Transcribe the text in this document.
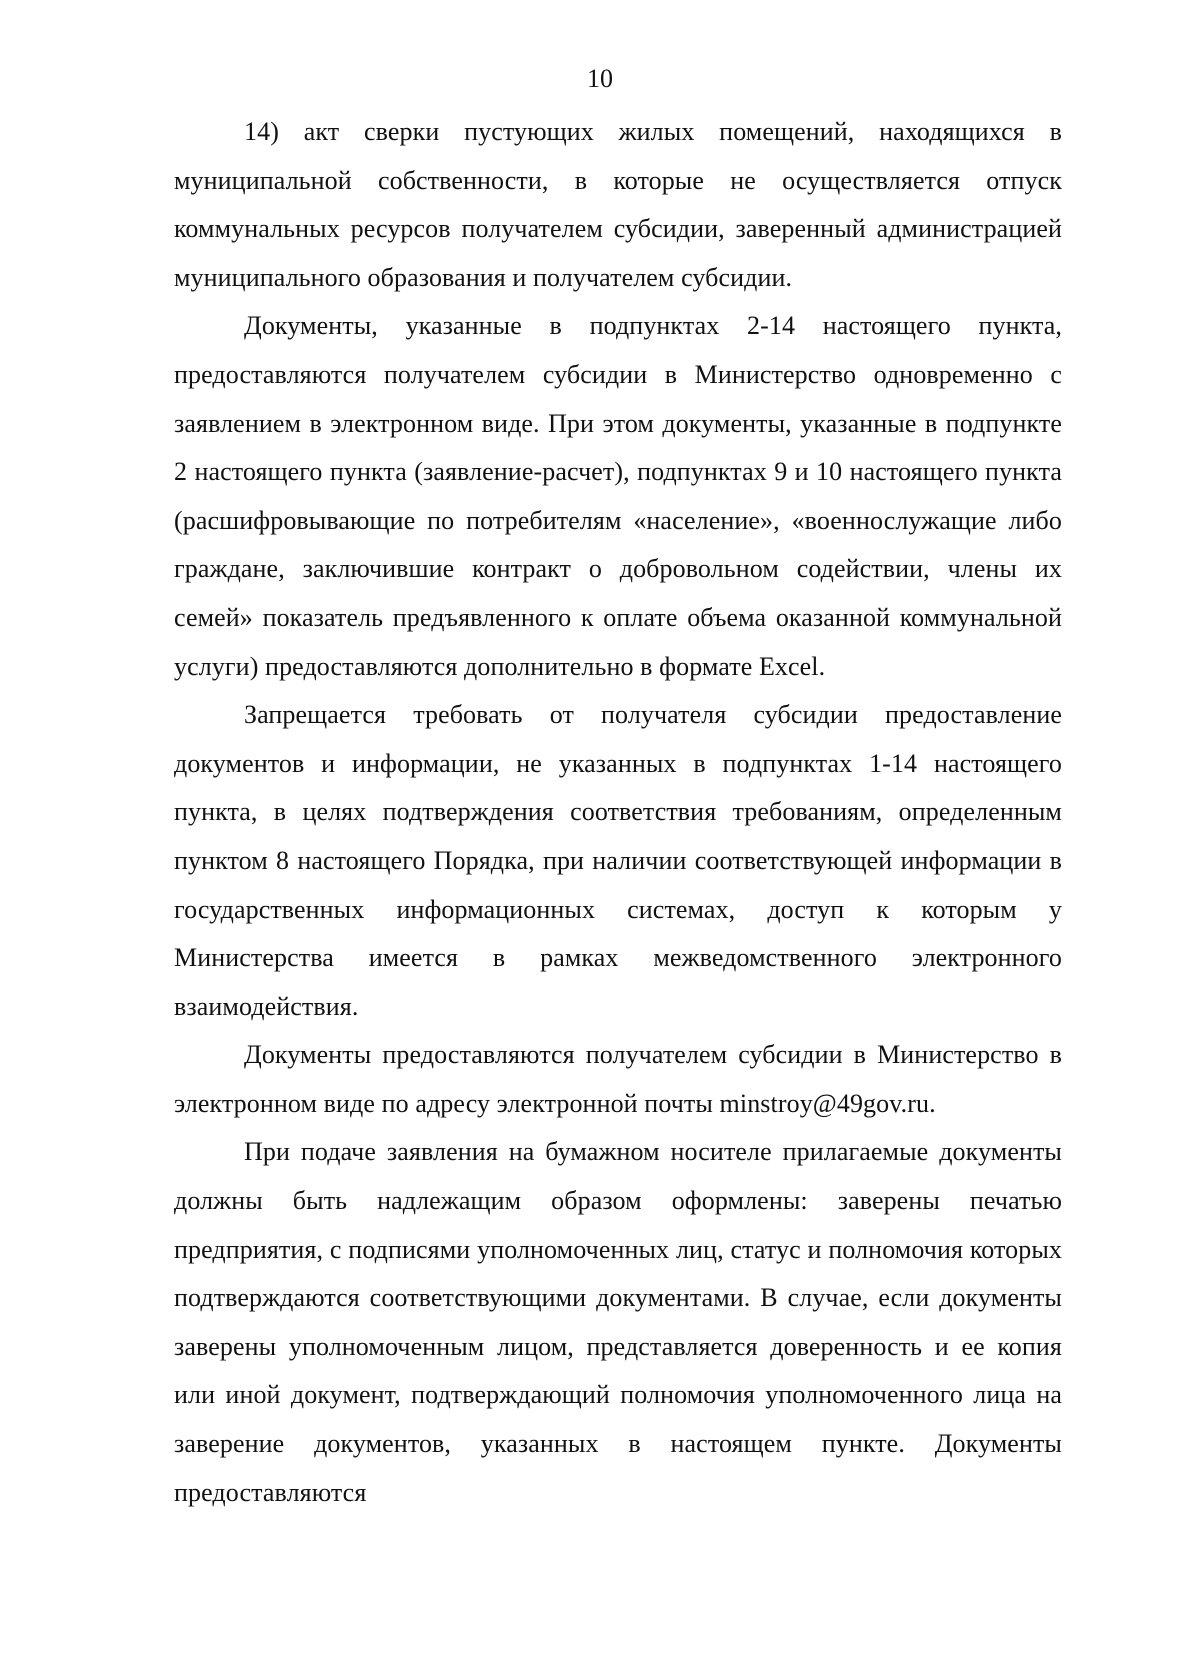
10

14) акт сверки пустующих жилых помещений, находящихся в муниципальной собственности, в которые не осуществляется отпуск коммунальных ресурсов получателем субсидии, заверенный администрацией муниципального образования и получателем субсидии.

Документы, указанные в подпунктах 2-14 настоящего пункта, предоставляются получателем субсидии в Министерство одновременно с заявлением в электронном виде. При этом документы, указанные в подпункте 2 настоящего пункта (заявление-расчет), подпунктах 9 и 10 настоящего пункта (расшифровывающие по потребителям «население», «военнослужащие либо граждане, заключившие контракт о добровольном содействии, члены их семей» показатель предъявленного к оплате объема оказанной коммунальной услуги) предоставляются дополнительно в формате Excel.

Запрещается требовать от получателя субсидии предоставление документов и информации, не указанных в подпунктах 1-14 настоящего пункта, в целях подтверждения соответствия требованиям, определенным пунктом 8 настоящего Порядка, при наличии соответствующей информации в государственных информационных системах, доступ к которым у Министерства имеется в рамках межведомственного электронного взаимодействия.

Документы предоставляются получателем субсидии в Министерство в электронном виде по адресу электронной почты minstroy@49gov.ru.

При подаче заявления на бумажном носителе прилагаемые документы должны быть надлежащим образом оформлены: заверены печатью предприятия, с подписями уполномоченных лиц, статус и полномочия которых подтверждаются соответствующими документами. В случае, если документы заверены уполномоченным лицом, представляется доверенность и ее копия или иной документ, подтверждающий полномочия уполномоченного лица на заверение документов, указанных в настоящем пункте. Документы предоставляются
